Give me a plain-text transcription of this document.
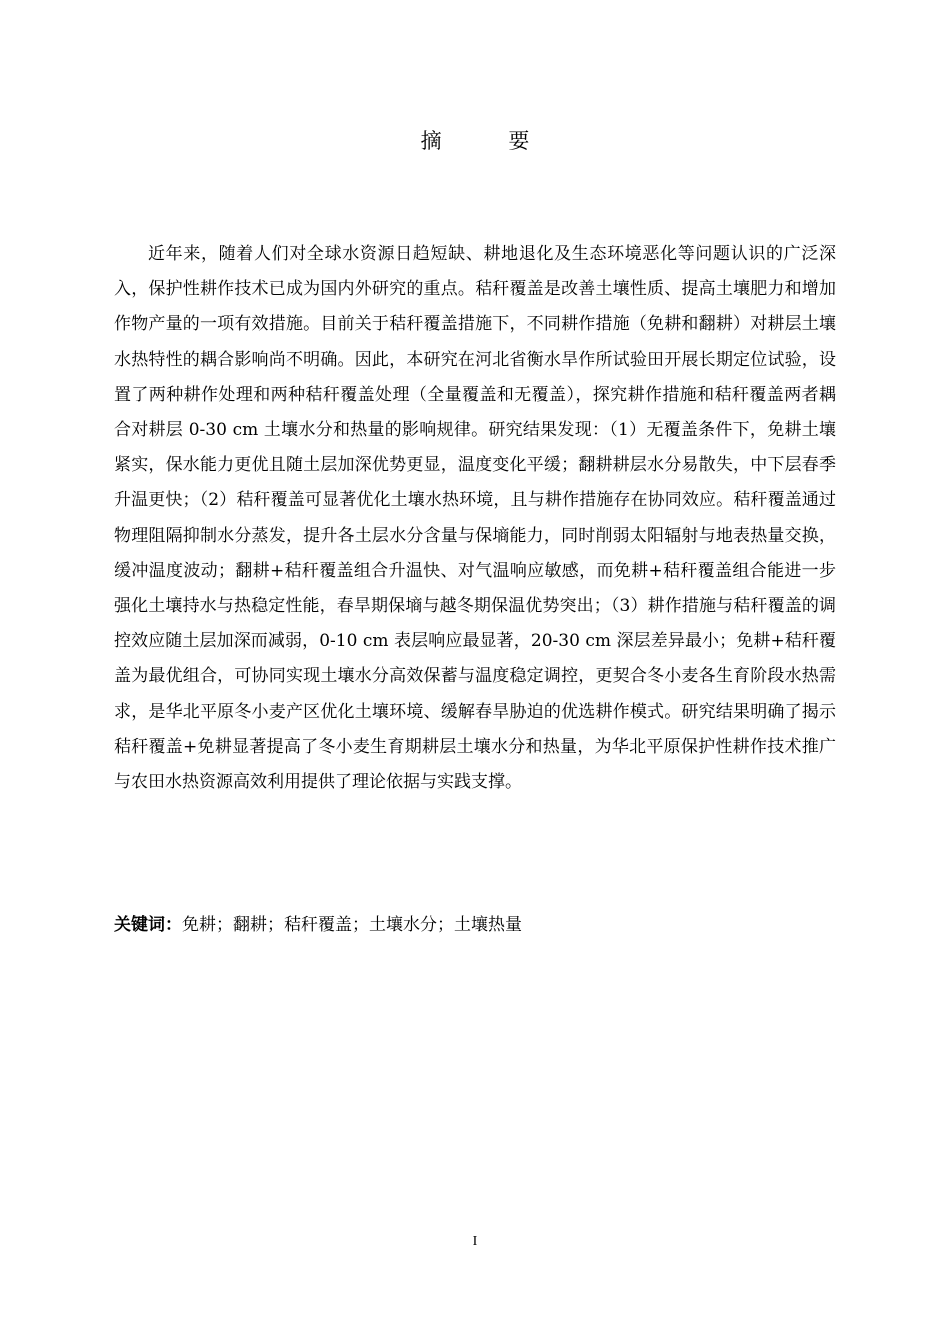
摘 要

近年来，随着人们对全球水资源日趋短缺、耕地退化及生态环境恶化等问题认识的广泛深入，保护性耕作技术已成为国内外研究的重点。秸秆覆盖是改善土壤性质、提高土壤肥力和增加作物产量的一项有效措施。目前关于秸秆覆盖措施下，不同耕作措施（免耕和翻耕）对耕层土壤水热特性的耦合影响尚不明确。因此，本研究在河北省衡水旱作所试验田开展长期定位试验，设置了两种耕作处理和两种秸秆覆盖处理（全量覆盖和无覆盖），探究耕作措施和秸秆覆盖两者耦合对耕层 0-30 cm 土壤水分和热量的影响规律。研究结果发现：（1）无覆盖条件下，免耕土壤紧实，保水能力更优且随土层加深优势更显，温度变化平缓；翻耕耕层水分易散失，中下层春季升温更快；（2）秸秆覆盖可显著优化土壤水热环境，且与耕作措施存在协同效应。秸秆覆盖通过物理阻隔抑制水分蒸发，提升各土层水分含量与保墒能力，同时削弱太阳辐射与地表热量交换，缓冲温度波动；翻耕+秸秆覆盖组合升温快、对气温响应敏感，而免耕+秸秆覆盖组合能进一步强化土壤持水与热稳定性能，春旱期保墒与越冬期保温优势突出；（3）耕作措施与秸秆覆盖的调控效应随土层加深而减弱，0-10 cm 表层响应最显著，20-30 cm 深层差异最小；免耕+秸秆覆盖为最优组合，可协同实现土壤水分高效保蓄与温度稳定调控，更契合冬小麦各生育阶段水热需求，是华北平原冬小麦产区优化土壤环境、缓解春旱胁迫的优选耕作模式。研究结果明确了揭示秸秆覆盖+免耕显著提高了冬小麦生育期耕层土壤水分和热量，为华北平原保护性耕作技术推广与农田水热资源高效利用提供了理论依据与实践支撑。

关键词：免耕；翻耕；秸秆覆盖；土壤水分；土壤热量

I
